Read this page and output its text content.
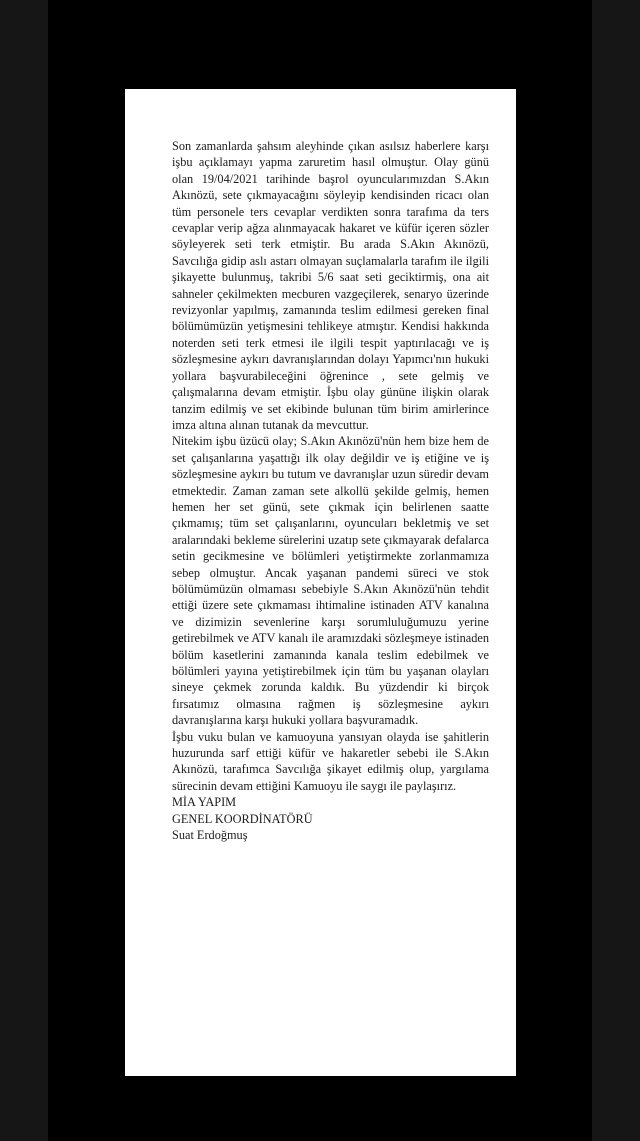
Son zamanlarda şahsım aleyhinde çıkan asılsız haberlere karşı işbu açıklamayı yapma zaruretim hasıl olmuştur. Olay günü olan 19/04/2021 tarihinde başrol oyuncularımızdan S.Akın Akınözü, sete çıkmayacağını söyleyip kendisinden ricacı olan tüm personele ters cevaplar verdikten sonra tarafıma da ters cevaplar verip ağza alınmayacak hakaret ve küfür içeren sözler söyleyerek seti terk etmiştir. Bu arada S.Akın Akınözü, Savcılığa gidip aslı astarı olmayan suçlamalarla tarafım ile ilgili şikayette bulunmuş, takribi 5/6 saat seti geciktirmiş, ona ait sahneler çekilmekten mecburen vazgeçilerek, senaryo üzerinde revizyonlar yapılmış, zamanında teslim edilmesi gereken final bölümümüzün yetişmesini tehlikeye atmıştır. Kendisi hakkında noterden seti terk etmesi ile ilgili tespit yaptırılacağı ve iş sözleşmesine aykırı davranışlarından dolayı Yapımcı'nın hukuki yollara başvurabileceğini öğrenince , sete gelmiş ve çalışmalarına devam etmiştir. İşbu olay gününe ilişkin olarak tanzim edilmiş ve set ekibinde bulunan tüm birim amirlerince imza altına alınan tutanak da mevcuttur.

Nitekim işbu üzücü olay; S.Akın Akınözü'nün hem bize hem de set çalışanlarına yaşattığı ilk olay değildir ve iş etiğine ve iş sözleşmesine aykırı bu tutum ve davranışlar uzun süredir devam etmektedir. Zaman zaman sete alkollü şekilde gelmiş, hemen hemen her set günü, sete çıkmak için belirlenen saatte çıkmamış; tüm set çalışanlarını, oyuncuları bekletmiş ve set aralarındaki bekleme sürelerini uzatıp sete çıkmayarak defalarca setin gecikmesine ve bölümleri yetiştirmekte zorlanmamıza sebep olmuştur. Ancak yaşanan pandemi süreci ve stok bölümümüzün olmaması sebebiyle S.Akın Akınözü'nün tehdit ettiği üzere sete çıkmaması ihtimaline istinaden ATV kanalına ve dizimizin sevenlerine karşı sorumluluğumuzu yerine getirebilmek ve ATV kanalı ile aramızdaki sözleşmeye istinaden bölüm kasetlerini zamanında kanala teslim edebilmek ve bölümleri yayına yetiştirebilmek için tüm bu yaşanan olayları sineye çekmek zorunda kaldık. Bu yüzdendir ki birçok fırsatımız olmasına rağmen iş sözleşmesine aykırı davranışlarına karşı hukuki yollara başvuramadık.

İşbu vuku bulan ve kamuoyuna yansıyan olayda ise şahitlerin huzurunda sarf ettiği küfür ve hakaretler sebebi ile S.Akın Akınözü, tarafımca Savcılığa şikayet edilmiş olup, yargılama sürecinin devam ettiğini Kamuoyu ile saygı ile paylaşırız.

MİA YAPIM
GENEL KOORDİNATÖRÜ
Suat Erdoğmuş
